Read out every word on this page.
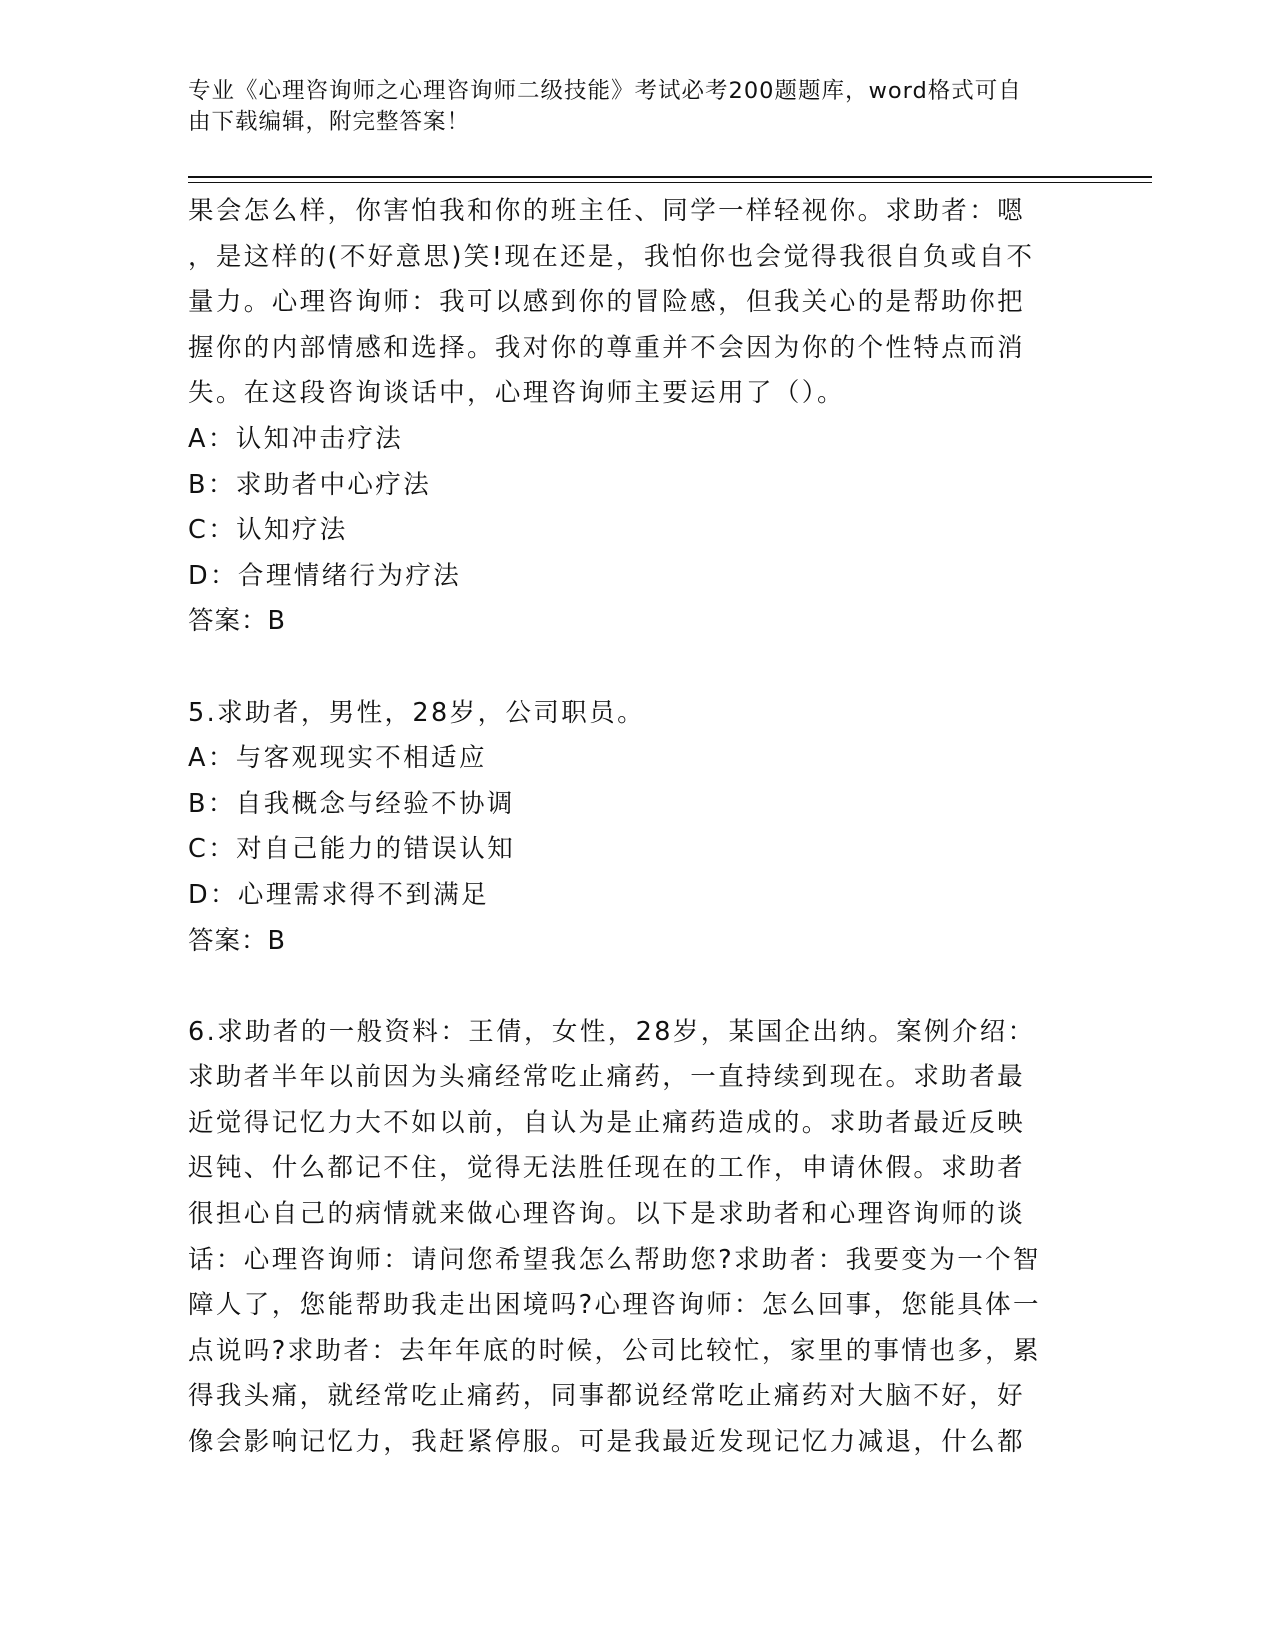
专业《心理咨询师之心理咨询师二级技能》考试必考200题题库，word格式可自
由下载编辑，附完整答案！
果会怎么样，你害怕我和你的班主任、同学一样轻视你。求助者：嗯
，是这样的(不好意思)笑!现在还是，我怕你也会觉得我很自负或自不
量力。心理咨询师：我可以感到你的冒险感，但我关心的是帮助你把
握你的内部情感和选择。我对你的尊重并不会因为你的个性特点而消
失。在这段咨询谈话中，心理咨询师主要运用了（）。
A：认知冲击疗法
B：求助者中心疗法
C：认知疗法
D：合理情绪行为疗法
答案：B
5.求助者，男性，28岁，公司职员。
A：与客观现实不相适应
B：自我概念与经验不协调
C：对自己能力的错误认知
D：心理需求得不到满足
答案：B
6.求助者的一般资料：王倩，女性，28岁，某国企出纳。案例介绍：
求助者半年以前因为头痛经常吃止痛药，一直持续到现在。求助者最
近觉得记忆力大不如以前，自认为是止痛药造成的。求助者最近反映
迟钝、什么都记不住，觉得无法胜任现在的工作，申请休假。求助者
很担心自己的病情就来做心理咨询。以下是求助者和心理咨询师的谈
话：心理咨询师：请问您希望我怎么帮助您?求助者：我要变为一个智
障人了，您能帮助我走出困境吗?心理咨询师：怎么回事，您能具体一
点说吗?求助者：去年年底的时候，公司比较忙，家里的事情也多，累
得我头痛，就经常吃止痛药，同事都说经常吃止痛药对大脑不好，好
像会影响记忆力，我赶紧停服。可是我最近发现记忆力减退，什么都
